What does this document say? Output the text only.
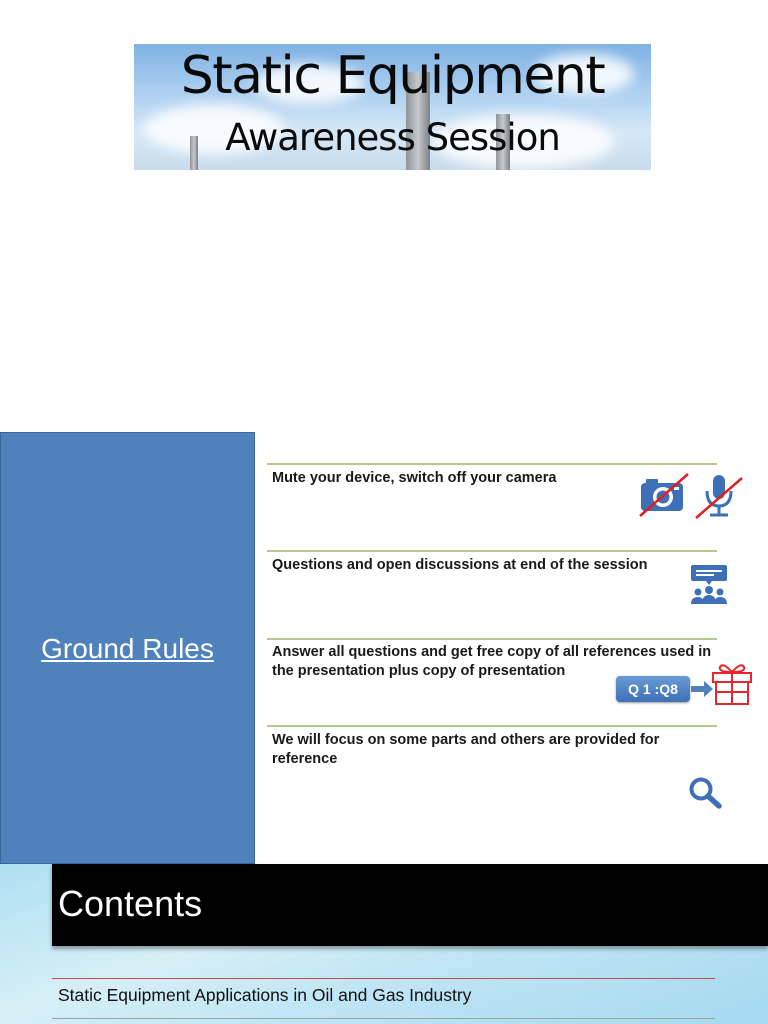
Static Equipment
Awareness Session
Ground Rules
Mute your device, switch off your camera
Questions and open discussions at end of the session
Answer all questions and get free copy of all references used in the presentation plus copy of presentation
Q 1 :Q8
We will focus on some parts and others are provided for reference
Contents
Static Equipment Applications in Oil and Gas Industry
